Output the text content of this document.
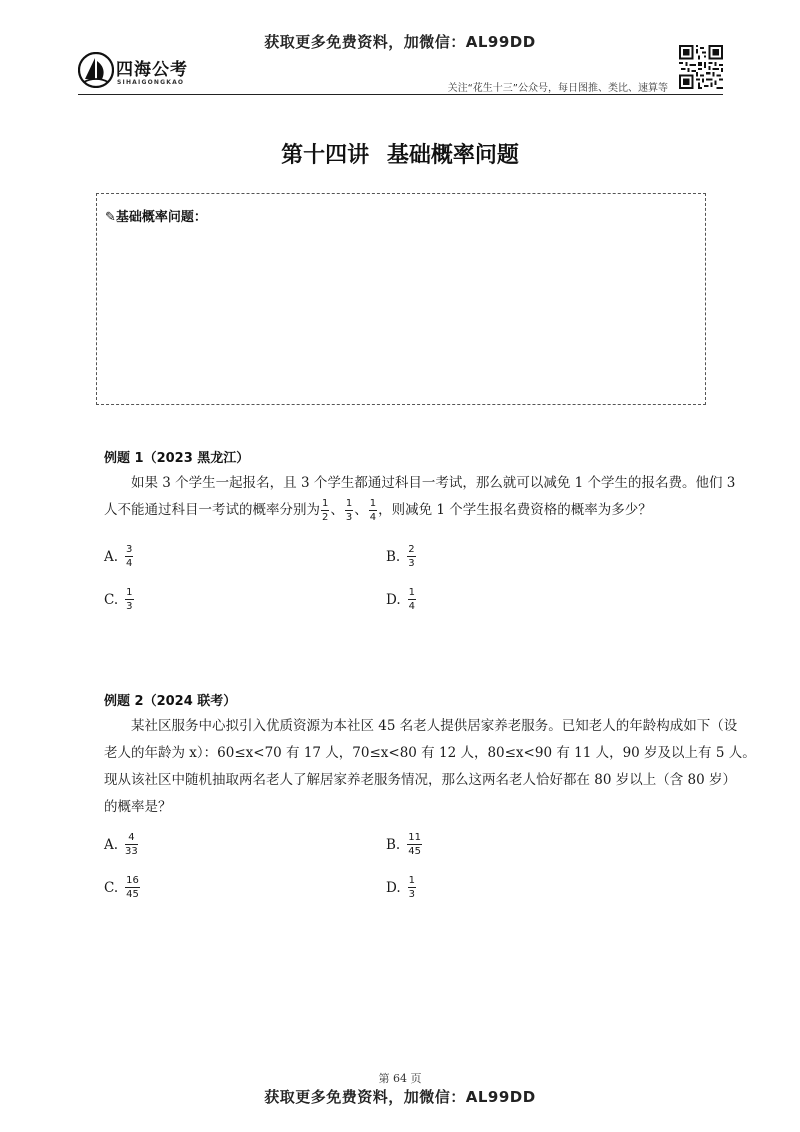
获取更多免费资料，加微信：AL99DD
四海公考
SIHAIGONGKAO
关注“花生十三”公众号，每日图推、类比、速算等
第十四讲 基础概率问题
✎基础概率问题：
例题 1（2023 黑龙江）
如果 3 个学生一起报名，且 3 个学生都通过科目一考试，那么就可以减免 1 个学生的报名费。他们 3
人不能通过科目一考试的概率分别为 $\frac{1}{2}$ 、 $\frac{1}{3}$ 、 $\frac{1}{4}$ ，则减免 1 个学生报名费资格的概率为多少？
A. $\frac{3}{4}$	B. $\frac{2}{3}$
C. $\frac{1}{3}$	D. $\frac{1}{4}$
例题 2（2024 联考）
某社区服务中心拟引入优质资源为本社区 45 名老人提供居家养老服务。已知老人的年龄构成如下（设
老人的年龄为 x）：60≤x<70 有 17 人，70≤x<80 有 12 人，80≤x<90 有 11 人，90 岁及以上有 5 人。
现从该社区中随机抽取两名老人了解居家养老服务情况，那么这两名老人恰好都在 80 岁以上（含 80 岁）
的概率是？
A. $\frac{4}{33}$	B. $\frac{11}{45}$
C. $\frac{16}{45}$	D. $\frac{1}{3}$
第 64 页
获取更多免费资料，加微信：AL99DD
